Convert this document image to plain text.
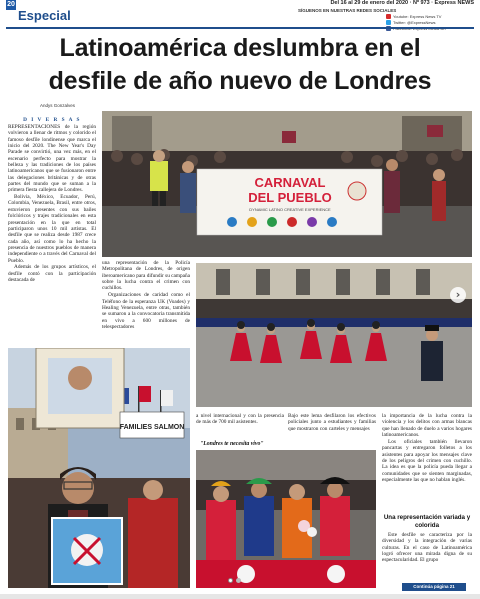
20
Especial
Del 16 al 29 de enero del 2020 · Nº 973 · Express NEWS
SÍGUENOS EN NUESTRAS REDES SOCIALES
Youtube: Express News TV
Twitter: @ExpressNews
Latinoamérica deslumbra en el
desfile de año nuevo de Londres
Andys Gonzalves

D I V E R S A S

REPRESENTACIONES de la región volvieron a llenar de ritmos y colorido el famoso desfile londinense que marca el inicio del 2020. The New Year's Day Parade se convirtió, una vez más, en el escenario perfecto para mostrar la belleza y las tradiciones de los países latinoamericanos que se fusionaron entre las delegaciones británicas y de otras partes del mundo que se suman a la primera fiesta callejera de Londres.

Bolivia, México, Ecuador, Perú, Colombia, Venezuela, Brasil, entre otros, estuvieron presentes con sus bailes folclóricos y trajes tradicionales en esta presentación en la que en total participaron unos 10 mil artistas. El desfile que se realiza desde 1987 crece cada año, así como lo ha hecho la presencia de nuestros pueblos de manera independiente o a través del Carnaval del Pueblo.

Además de los grupos artísticos, el desfile contó con la participación destacada de

CARNAVAL
DEL PUEBLO
DYNAMIC LATINO CREATIVE EXPERIENCE

una representación de la Policía Metropolitana de Londres, de origen iberoamericano para difundir su campaña sobre la lucha contra el crimen con cuchillos.

Organizaciones de caridad como el Teléfono de la esperanza UK (Voades) y Healing Venezuela, entre otras, también se sumaron a la convocatoria transmitida en vivo a 600 millones de telespectadores

›
FAMILIES SALMON

a nivel internacional y con la presencia de más de 700 mil asistentes.

"Londres te necesita vivo"

Bajo este lema desfilaron los efectivos policiales junto a estudiantes y familias que mostraron con carteles y mensajes

la importancia de la lucha contra la violencia y los delitos con armas blancas que han llenado de duelo a varios hogares latinoamericanos.

Los oficiales también llevaron pancartas y entregaron folletos a los asistentes para apoyar los mensajes clave de los peligros del crimen con cuchillo. La idea es que la policía pueda llegar a comunidades que se sienten marginadas, especialmente las que no hablan inglés.

Una representación variada y colorida

Este desfile se caracteriza por la diversidad y la integración de varias culturas. En el caso de Latinoamérica logró ofrecer una mirada digna de su espectacularidad. El grupo

Continúa página 21
